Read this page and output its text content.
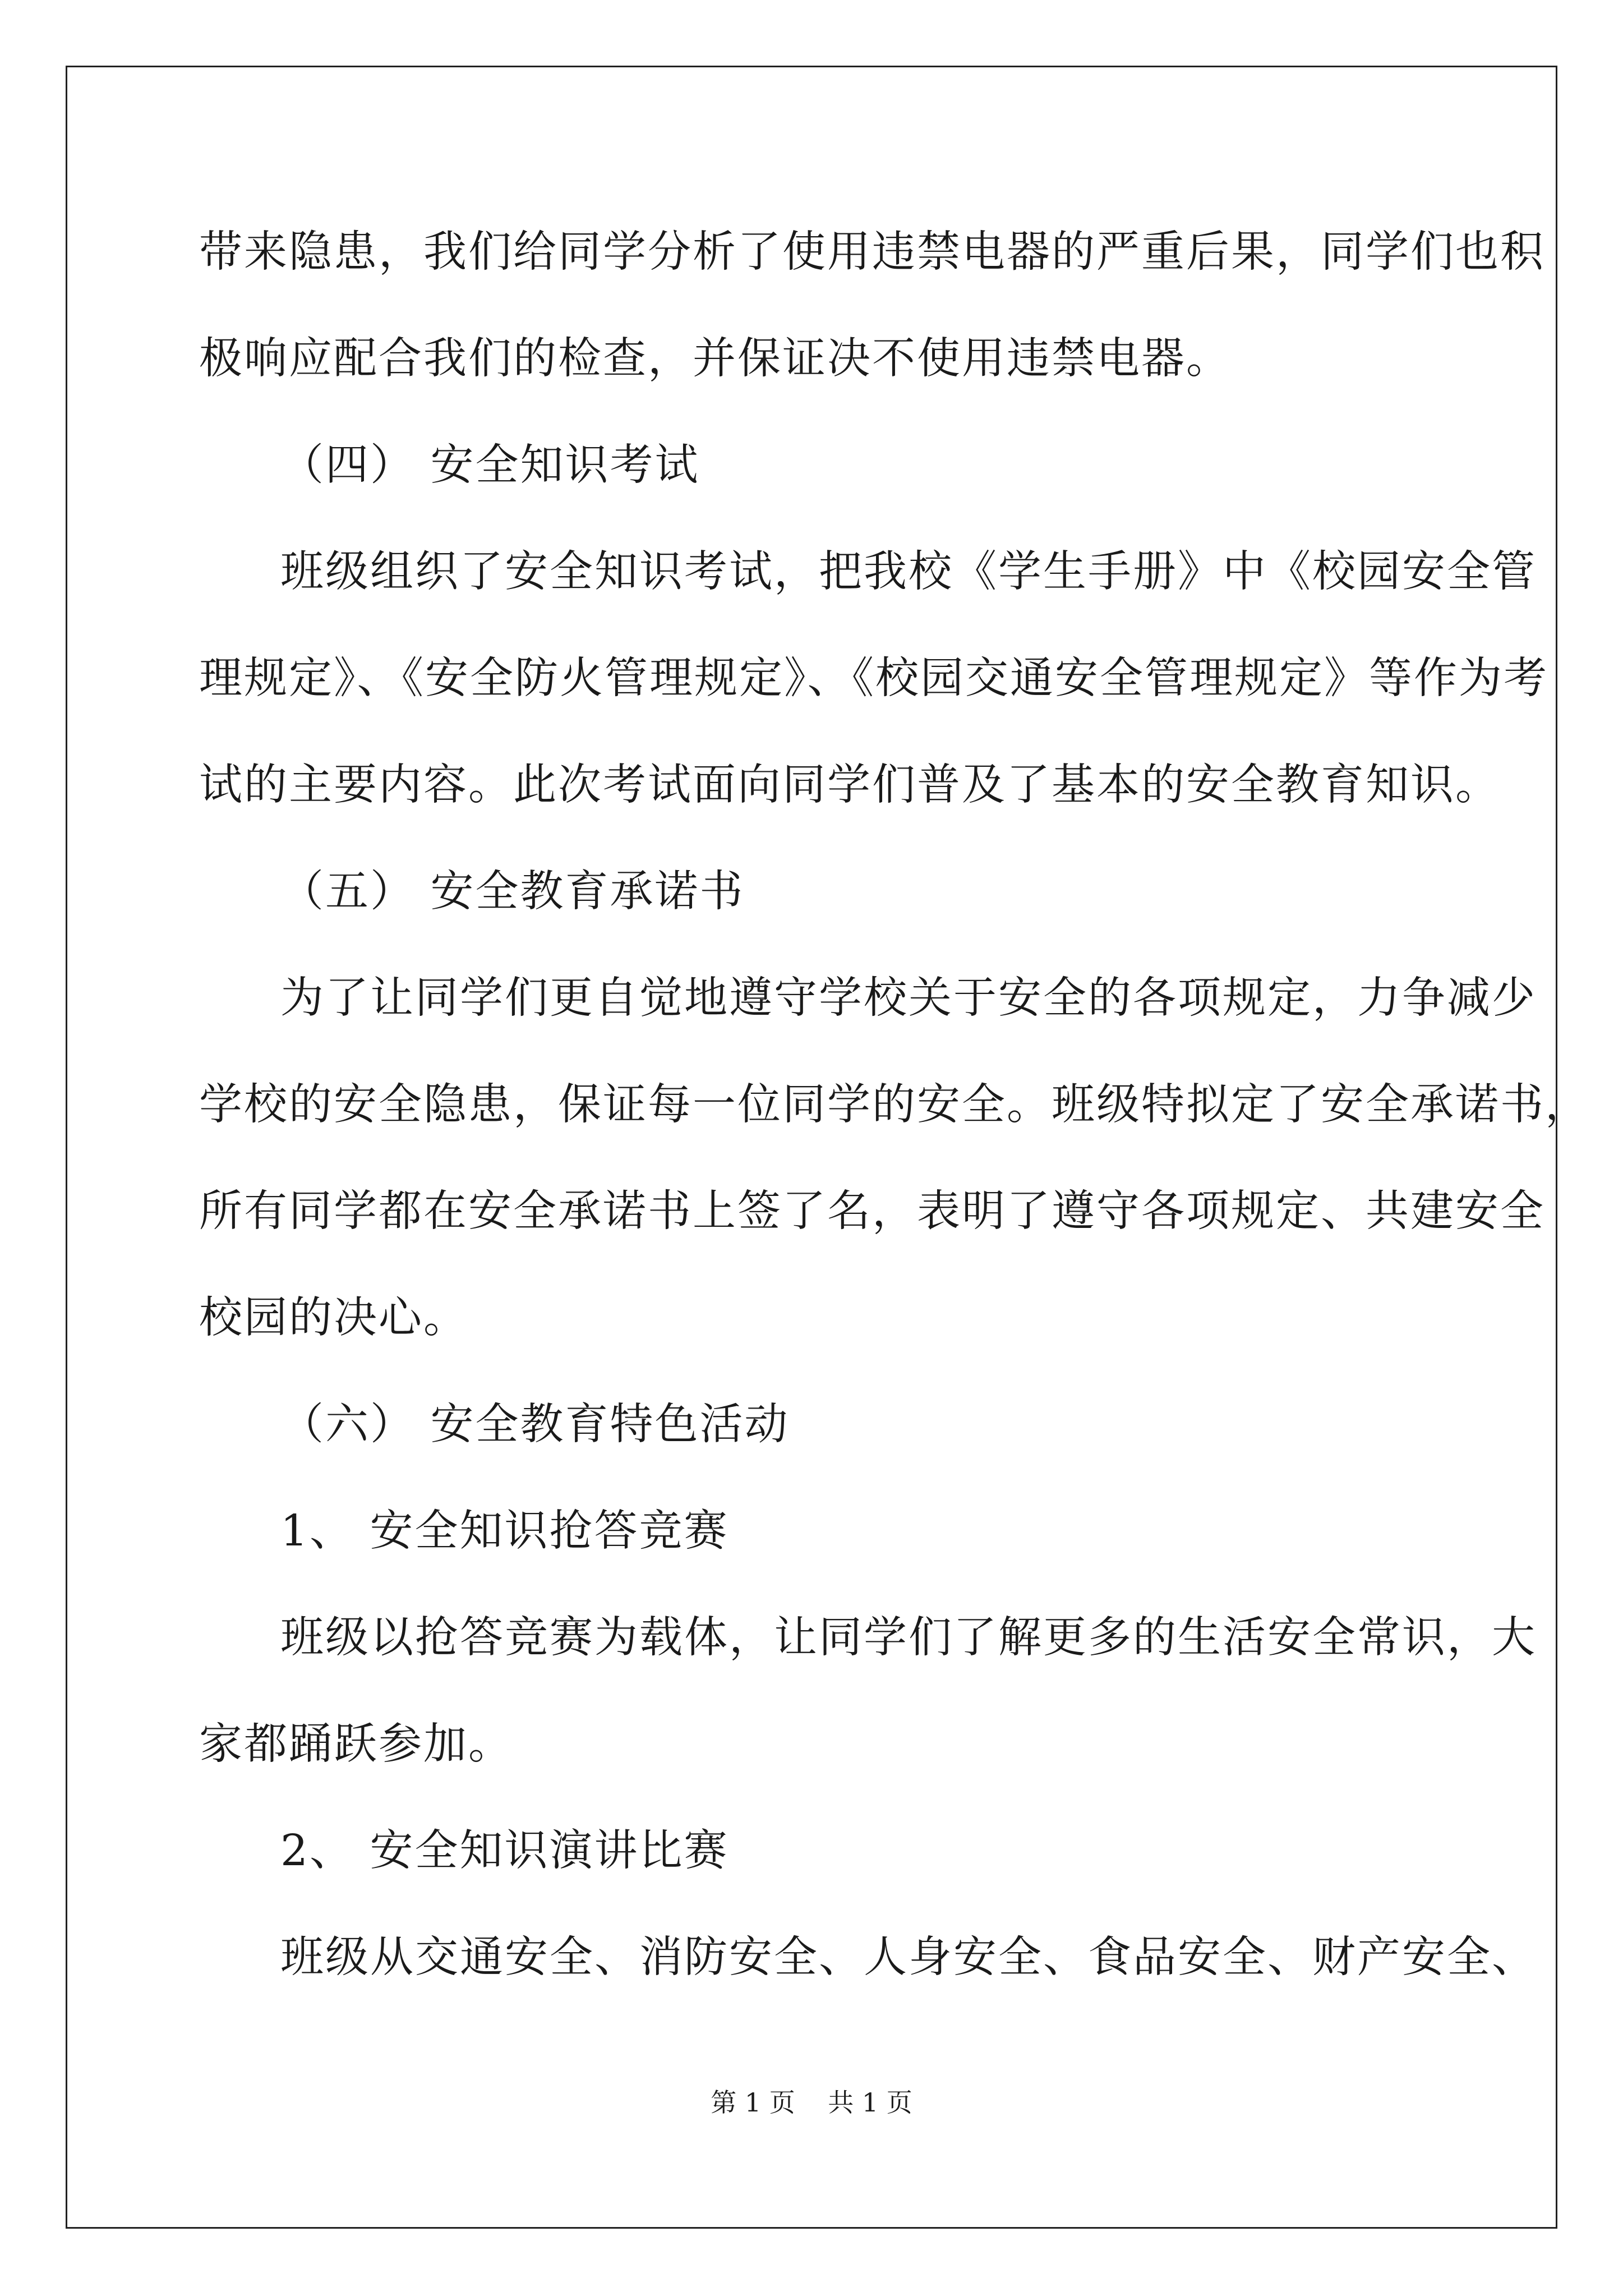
带来隐患，我们给同学分析了使用违禁电器的严重后果，同学们也积
极响应配合我们的检查，并保证决不使用违禁电器。
（四） 安全知识考试
班级组织了安全知识考试，把我校《学生手册》中《校园安全管
理规定》、《安全防火管理规定》、《校园交通安全管理规定》等作为考
试的主要内容。此次考试面向同学们普及了基本的安全教育知识。
（五） 安全教育承诺书
为了让同学们更自觉地遵守学校关于安全的各项规定，力争减少
学校的安全隐患，保证每一位同学的安全。班级特拟定了安全承诺书，
所有同学都在安全承诺书上签了名，表明了遵守各项规定、共建安全
校园的决心。
（六） 安全教育特色活动
1、 安全知识抢答竞赛
班级以抢答竞赛为载体，让同学们了解更多的生活安全常识，大
家都踊跃参加。
2、 安全知识演讲比赛
班级从交通安全、消防安全、人身安全、食品安全、财产安全、
第 1 页    共 1 页
